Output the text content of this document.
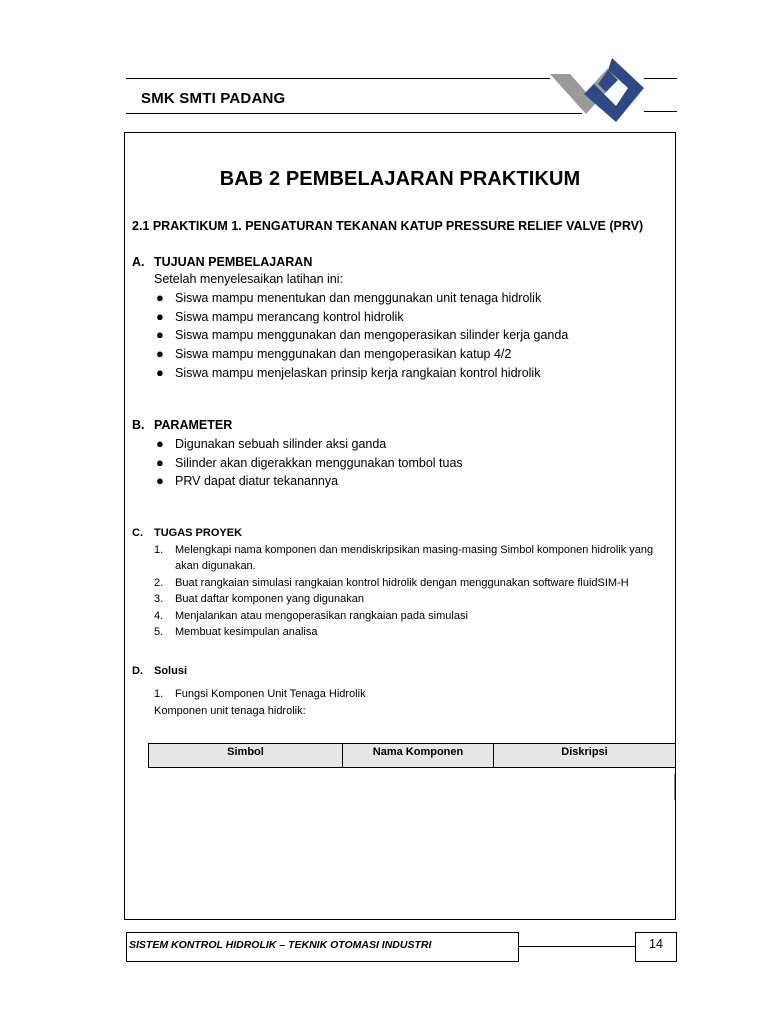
SMK SMTI PADANG
BAB 2 PEMBELAJARAN PRAKTIKUM
2.1 PRAKTIKUM 1. PENGATURAN TEKANAN KATUP PRESSURE RELIEF VALVE (PRV)
A. TUJUAN PEMBELAJARAN
Setelah menyelesaikan latihan ini:
● Siswa mampu menentukan dan menggunakan unit tenaga hidrolik
● Siswa mampu merancang kontrol hidrolik
● Siswa mampu menggunakan dan mengoperasikan silinder kerja ganda
● Siswa mampu menggunakan dan mengoperasikan katup 4/2
● Siswa mampu menjelaskan prinsip kerja rangkaian kontrol hidrolik
B. PARAMETER
● Digunakan sebuah silinder aksi ganda
● Silinder akan digerakkan menggunakan tombol tuas
● PRV dapat diatur tekanannya
C. TUGAS PROYEK
1. Melengkapi nama komponen dan mendiskripsikan masing-masing Simbol komponen hidrolik yang akan digunakan.
2. Buat rangkaian simulasi rangkaian kontrol hidrolik dengan menggunakan software fluidSIM-H
3. Buat daftar komponen yang digunakan
4. Menjalankan atau mengoperasikan rangkaian pada simulasi
5. Membuat kesimpulan analisa
D. Solusi
1. Fungsi Komponen Unit Tenaga Hidrolik
Komponen unit tenaga hidrolik:
Simbol	Nama Komponen	Diskripsi
SISTEM KONTROL HIDROLIK – TEKNIK OTOMASI INDUSTRI	14
